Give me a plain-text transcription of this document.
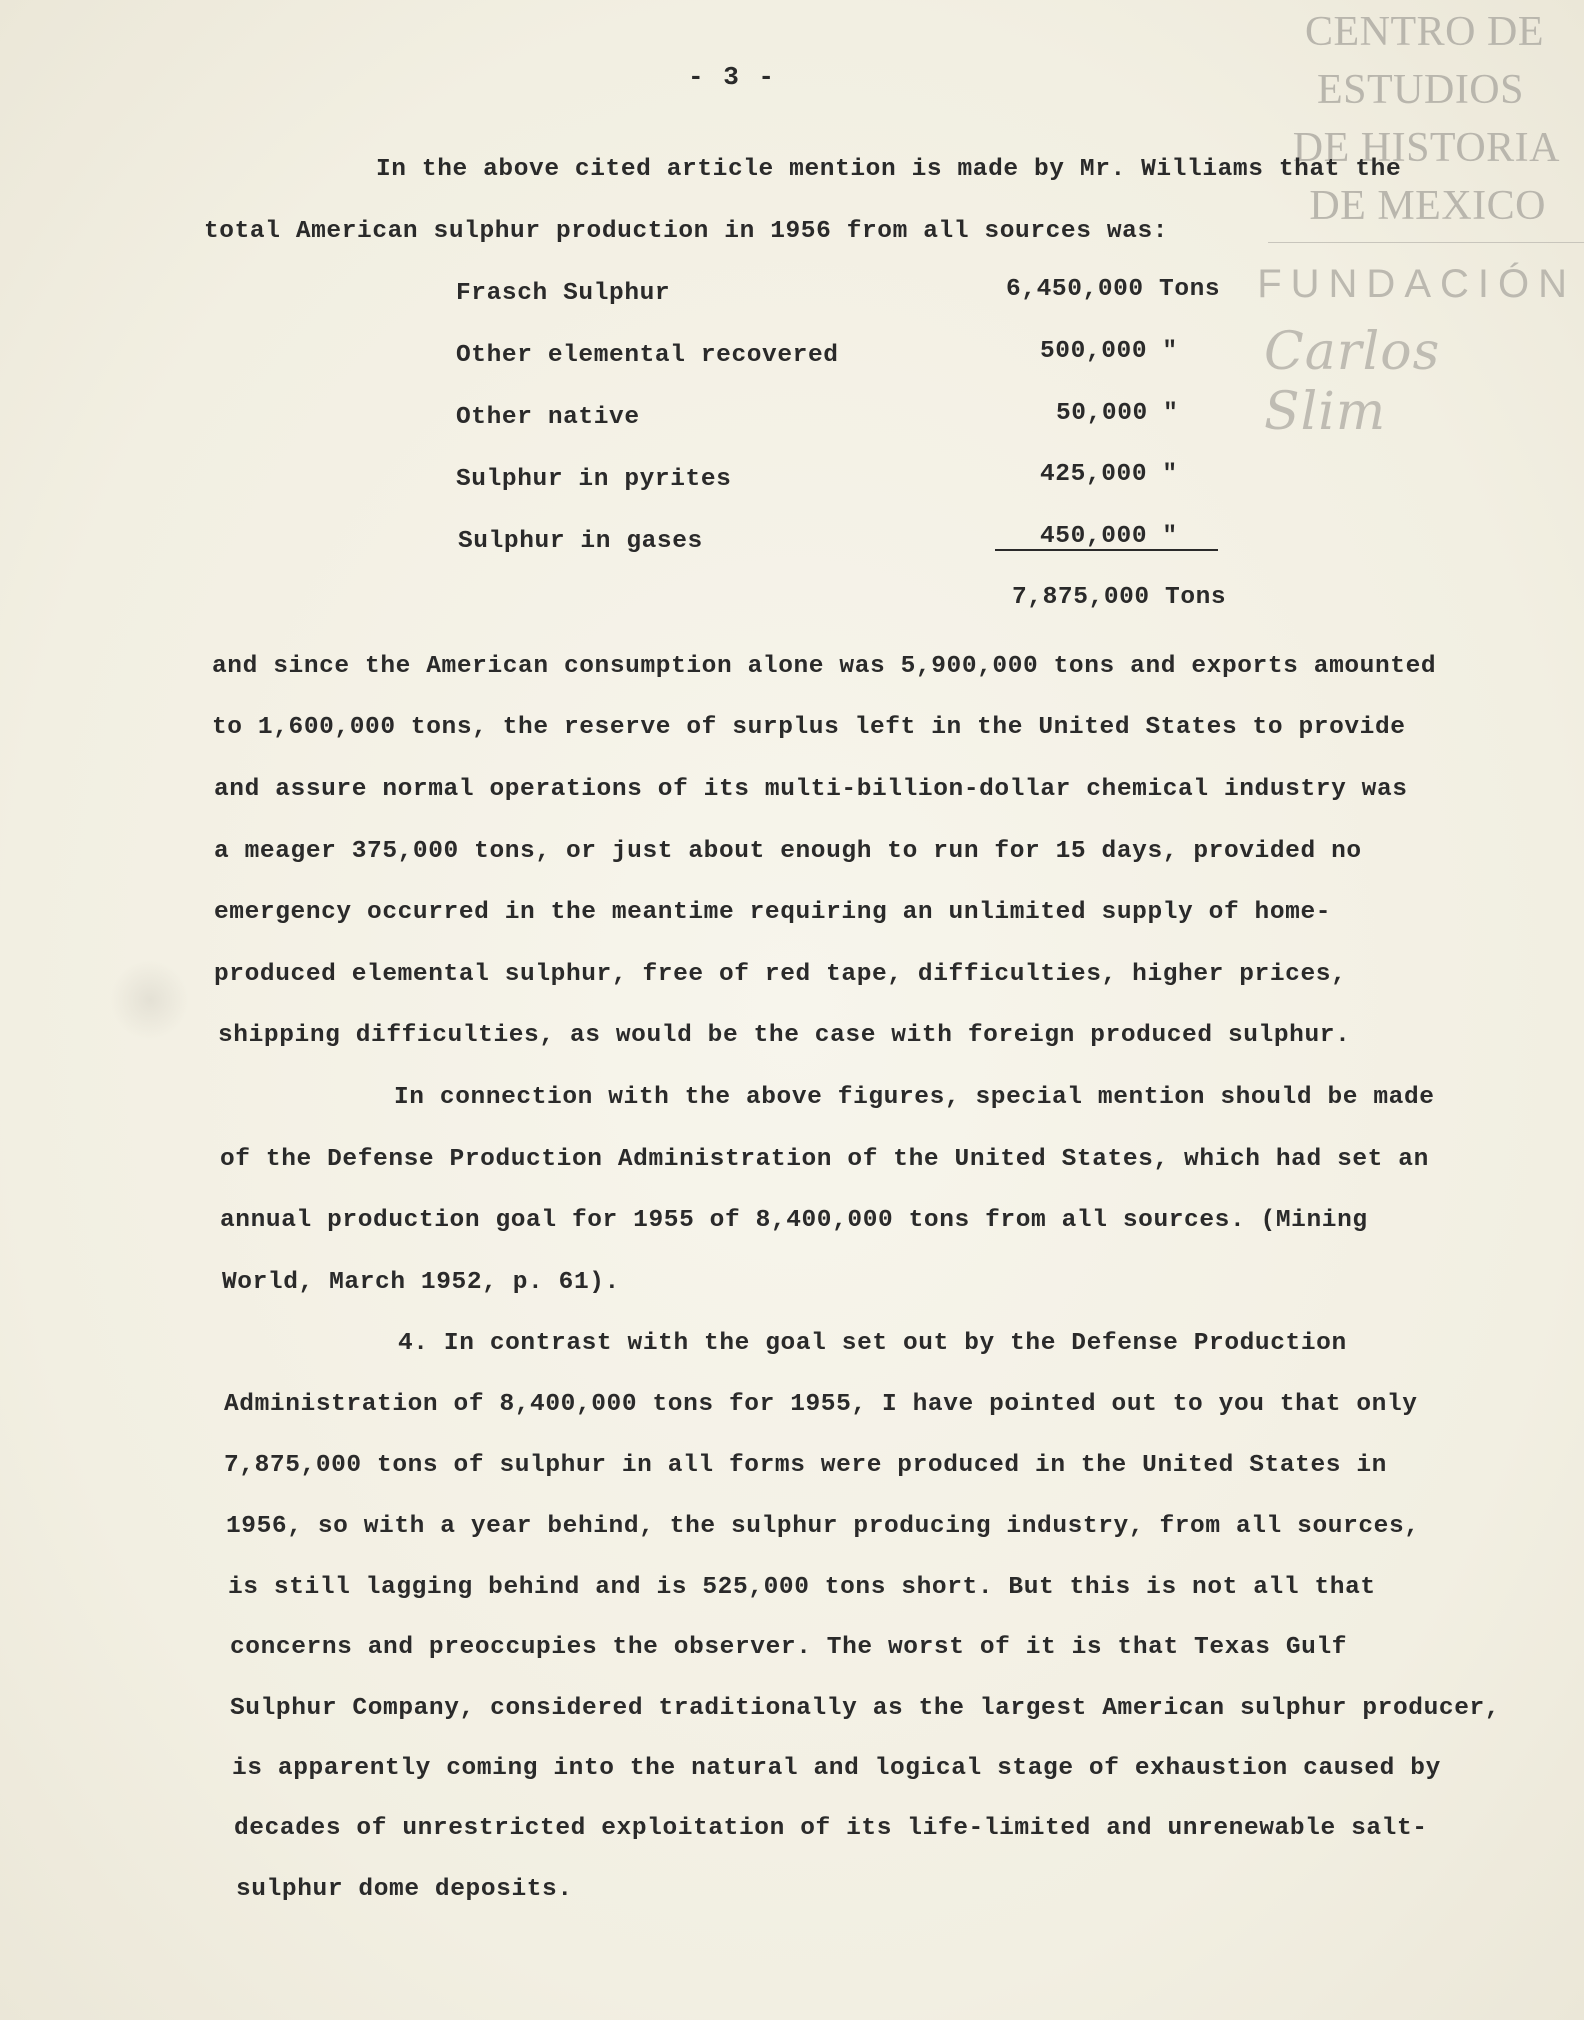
CENTRO DE
ESTUDIOS
DE HISTORIA
DE MEXICO
FUNDACIÓN
Carlos Slim
- 3 -
In the above cited article mention is made by Mr. Williams that the
total American sulphur production in 1956 from all sources was:
Frasch Sulphur	6,450,000 Tons
Other elemental recovered	500,000 "
Other native	50,000 "
Sulphur in pyrites	425,000 "
Sulphur in gases	450,000 "
7,875,000 Tons
and since the American consumption alone was 5,900,000 tons and exports amounted
to 1,600,000 tons, the reserve of surplus left in the United States to provide
and assure normal operations of its multi-billion-dollar chemical industry was
a meager 375,000 tons, or just about enough to run for 15 days, provided no
emergency occurred in the meantime requiring an unlimited supply of home-
produced elemental sulphur, free of red tape, difficulties, higher prices,
shipping difficulties, as would be the case with foreign produced sulphur.
In connection with the above figures, special mention should be made
of the Defense Production Administration of the United States, which had set an
annual production goal for 1955 of 8,400,000 tons from all sources. (Mining
World, March 1952, p. 61).
4. In contrast with the goal set out by the Defense Production
Administration of 8,400,000 tons for 1955, I have pointed out to you that only
7,875,000 tons of sulphur in all forms were produced in the United States in
1956, so with a year behind, the sulphur producing industry, from all sources,
is still lagging behind and is 525,000 tons short. But this is not all that
concerns and preoccupies the observer. The worst of it is that Texas Gulf
Sulphur Company, considered traditionally as the largest American sulphur producer,
is apparently coming into the natural and logical stage of exhaustion caused by
decades of unrestricted exploitation of its life-limited and unrenewable salt-
sulphur dome deposits.
